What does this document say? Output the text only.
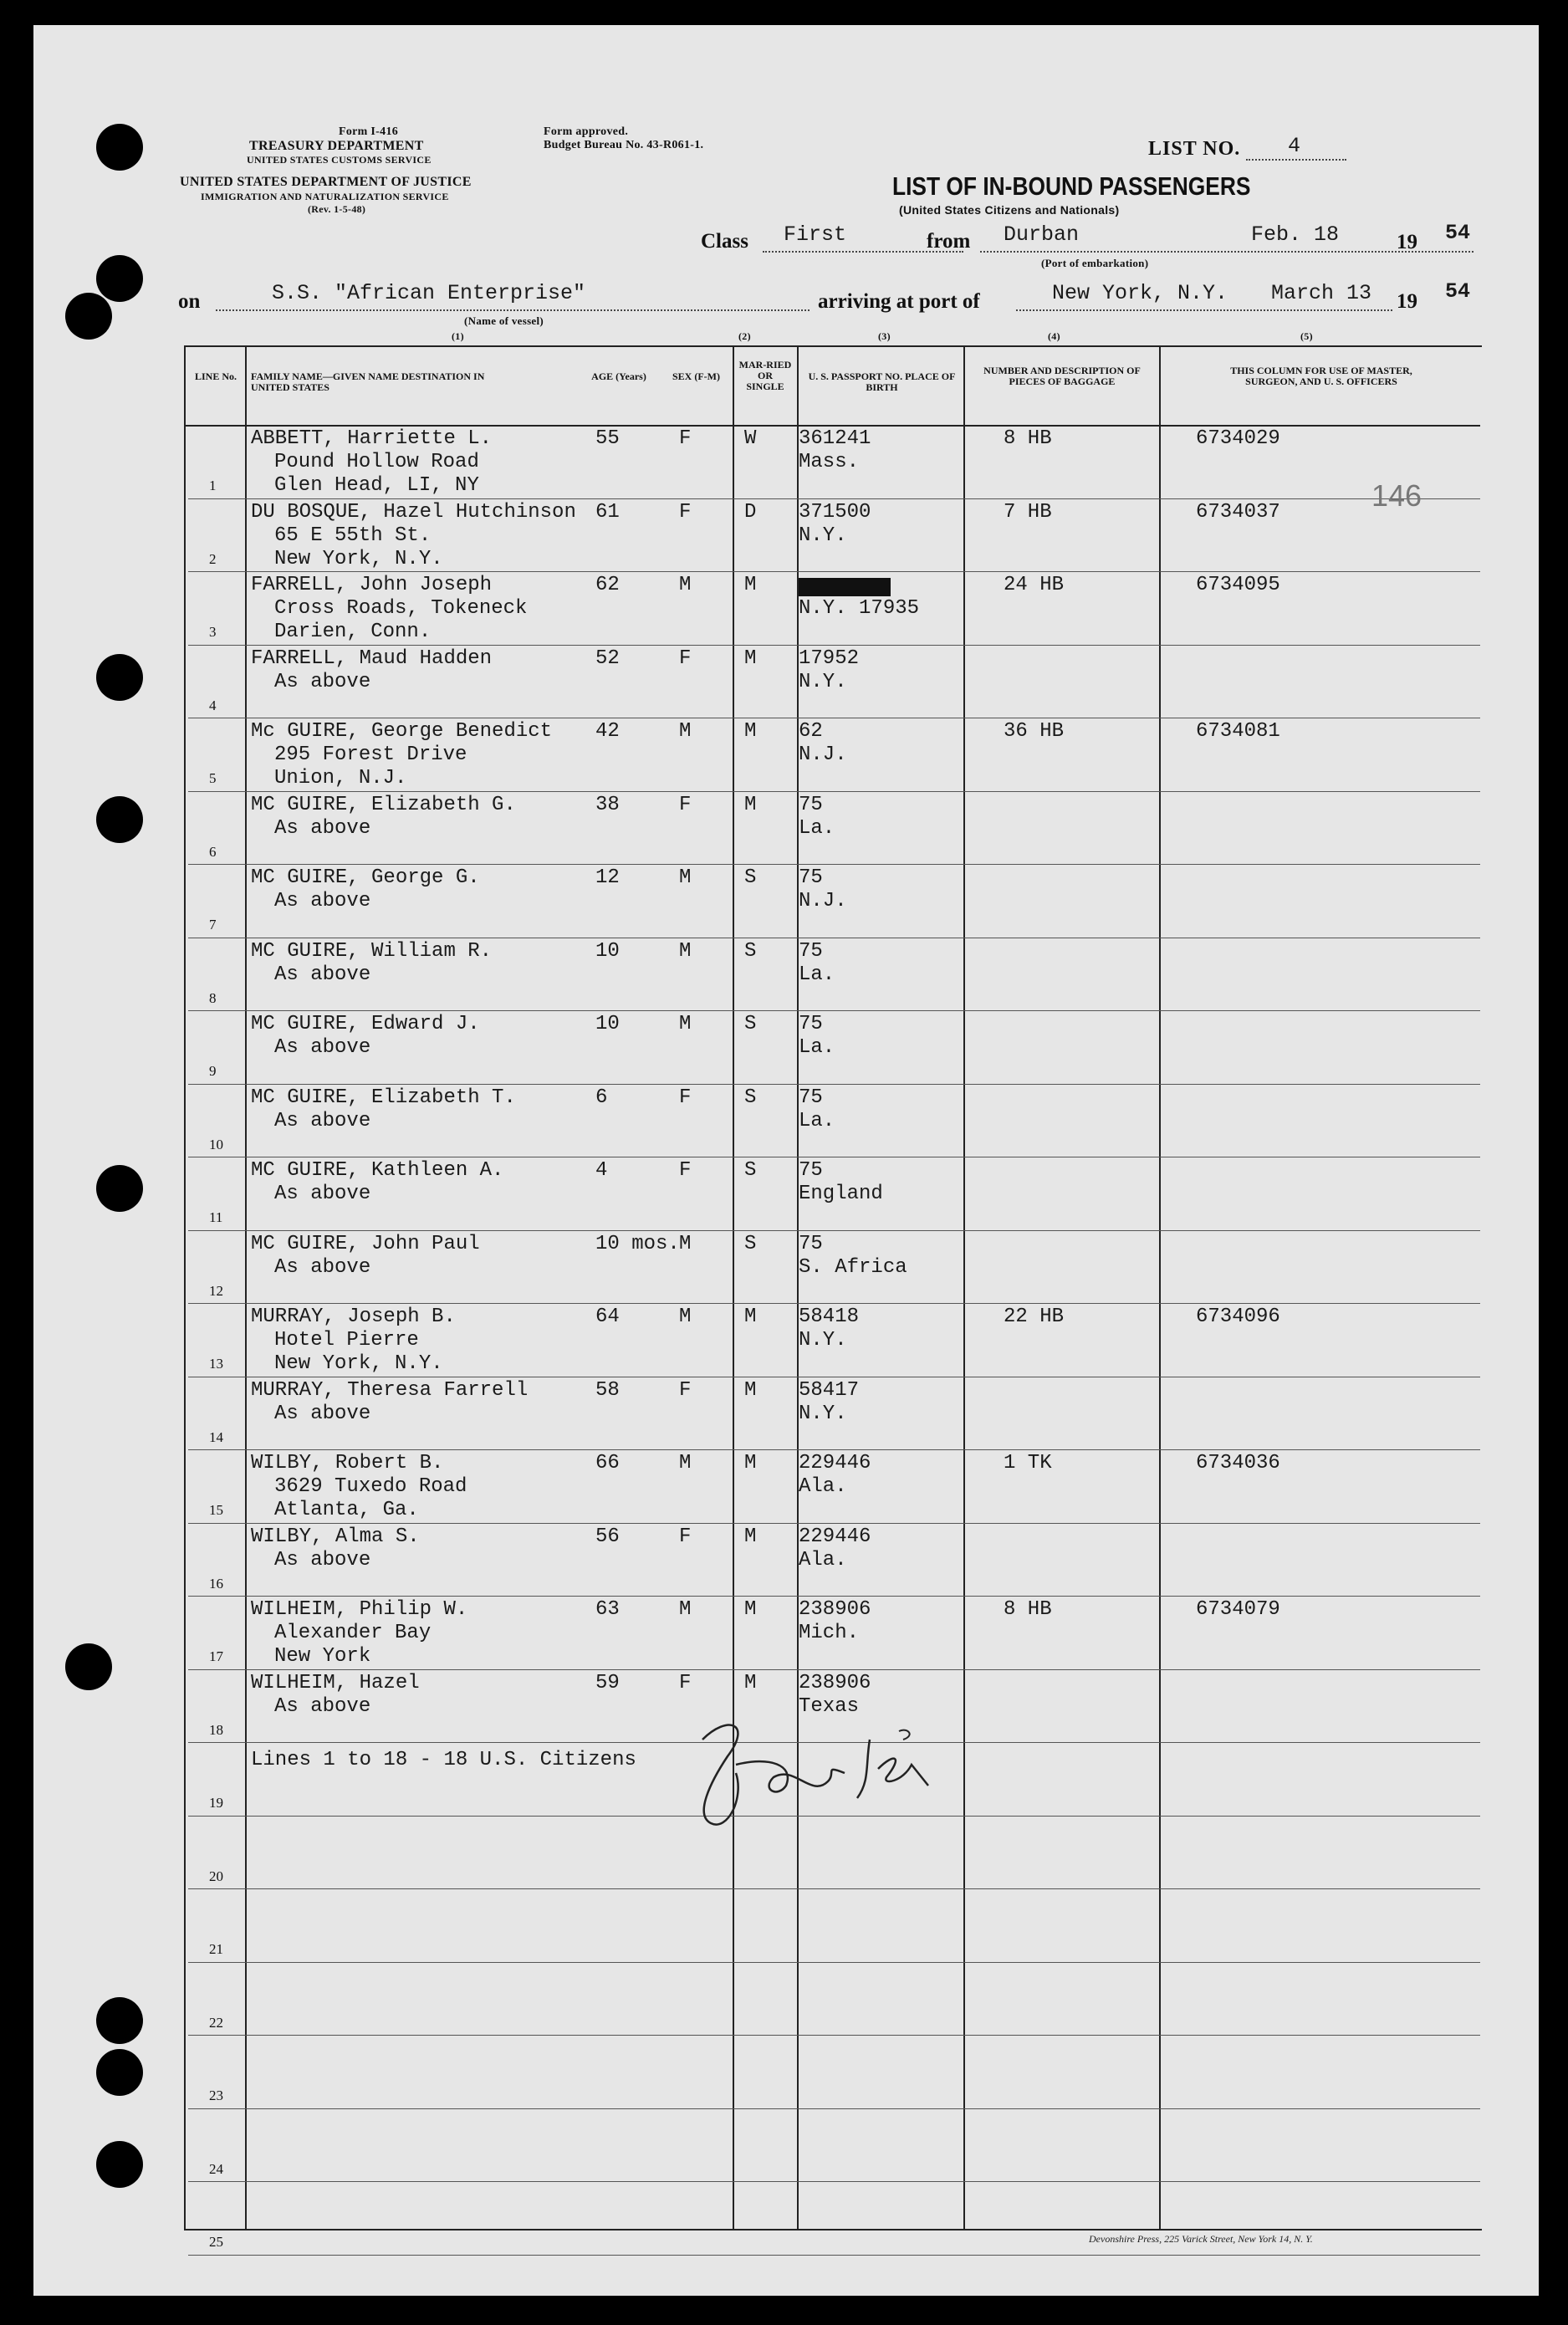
Form I-416
TREASURY DEPARTMENT
UNITED STATES CUSTOMS SERVICE
Form approved.
Budget Bureau No. 43-R061-1.
UNITED STATES DEPARTMENT OF JUSTICE
IMMIGRATION AND NATURALIZATION SERVICE
(Rev. 1-5-48)
LIST NO. 4
LIST OF IN-BOUND PASSENGERS
(United States Citizens and Nationals)
Class First	from Durban	Feb. 18	19 54
(Port of embarkation)
on	S.S. "African Enterprise"	arriving at port of	New York, N.Y. March 13 19 54
(Name of vessel)
(1)	(2)	(3)	(4)	(5)
LINE No.	FAMILY NAME—GIVEN NAME DESTINATION IN UNITED STATES
AGE (Years)	SEX (F-M)
MAR-RIED OR SINGLE
U. S. PASSPORT NO. PLACE OF BIRTH
NUMBER AND DESCRIPTION OF PIECES OF BAGGAGE
THIS COLUMN FOR USE OF MASTER, SURGEON, AND U. S. OFFICERS
1
ABBETT, Harriette L.
Pound Hollow Road
Glen Head, LI, NY
55	F	W 361241
Mass.
8 HB	6734029
2
DU BOSQUE, Hazel Hutchinson
65 E 55th St.
New York, N.Y.
61	F	D 371500
N.Y.
7 HB	6734037
3
FARRELL, John Joseph
Cross Roads, Tokeneck
Darien, Conn.
62	M	M
N.Y. 17935
24 HB	6734095
4
FARRELL, Maud Hadden
As above
52	F	M 17952
N.Y.
5
Mc GUIRE, George Benedict
295 Forest Drive
Union, N.J.
42	M	M 62
N.J.
36 HB	6734081
6
MC GUIRE, Elizabeth G.
As above
38	F	M 75
La.
7
MC GUIRE, George G.
As above
12	M	S 75
N.J.
8
MC GUIRE, William R.
As above
10	M	S 75
La.
9
MC GUIRE, Edward J.
As above
10	M	S 75
La.
10
MC GUIRE, Elizabeth T.
As above
6	F	S 75
La.
11
MC GUIRE, Kathleen A.
As above
4	F	S 75
England
12
MC GUIRE, John Paul
As above
10 mos. M	S 75
S. Africa
13
MURRAY, Joseph B.
Hotel Pierre
New York, N.Y.
64	M	M 58418
N.Y.
22 HB	6734096
14
MURRAY, Theresa Farrell
As above
58	F	M 58417
N.Y.
15
WILBY, Robert B.
3629 Tuxedo Road
Atlanta, Ga.
66	M	M 229446
Ala.
1 TK	6734036
16
WILBY, Alma S.
As above
56	F	M 229446
Ala.
17
WILHEIM, Philip W.
Alexander Bay
New York
63	M	M 238906
Mich.
8 HB	6734079
18
WILHEIM, Hazel
As above
59	F	M 238906
Texas
19
20
21
22
23
24
25
Lines 1 to 18 - 18 U.S. Citizens
146
Devonshire Press, 225 Varick Street, New York 14, N. Y.
